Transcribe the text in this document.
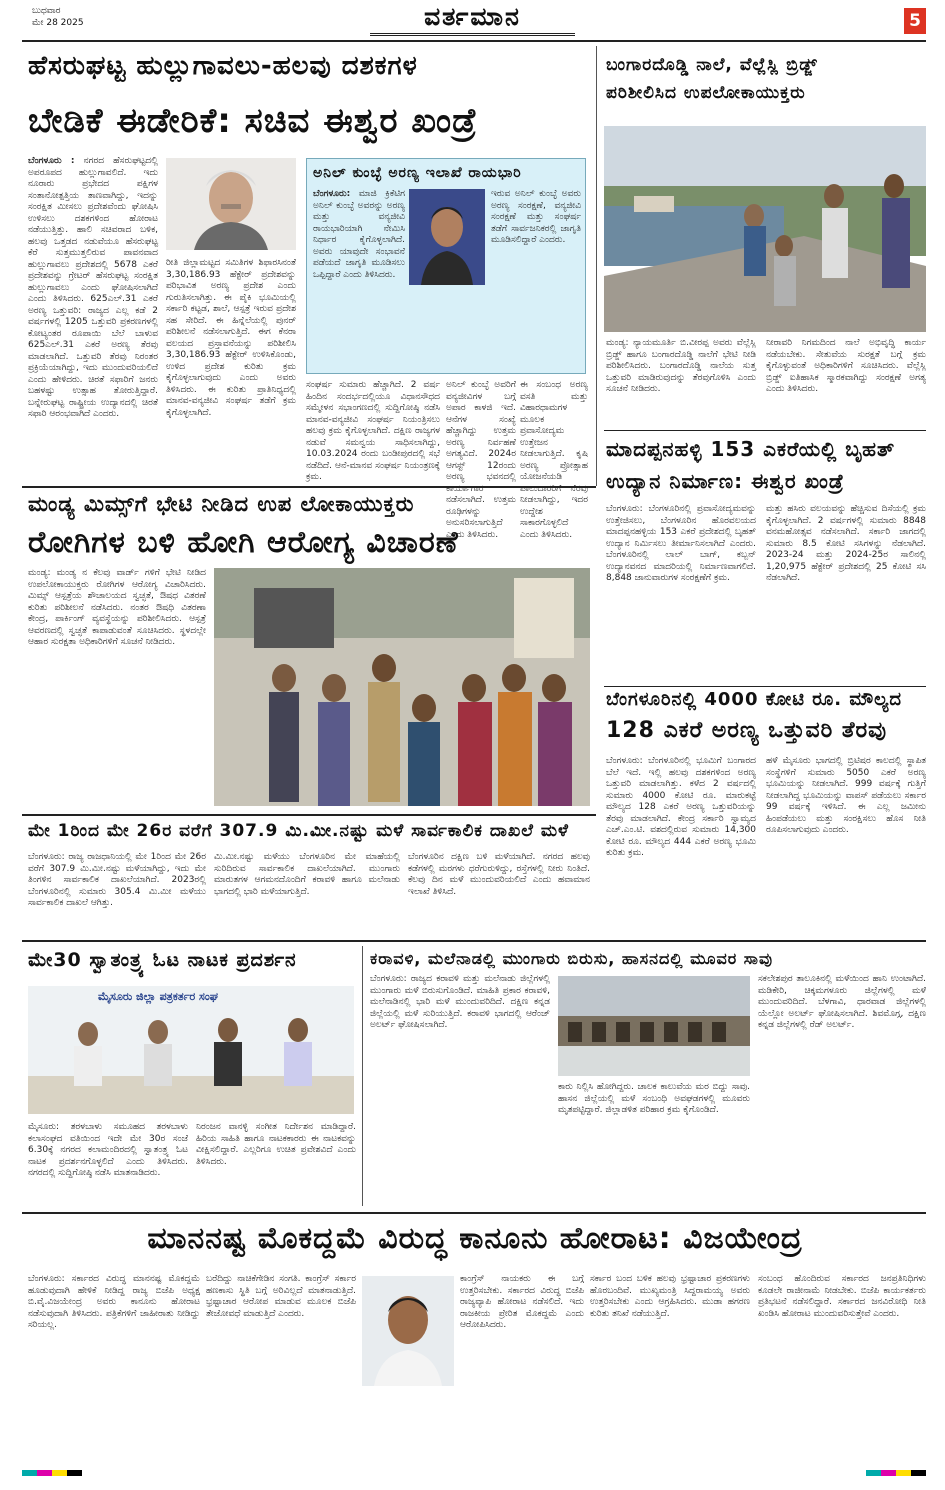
ಬುಧವಾರ
ಮೇ 28 2025	ವರ್ತಮಾನ	5
ಹೆಸರುಘಟ್ಟ ಹುಲ್ಲುಗಾವಲು-ಹಲವು ದಶಕಗಳ
ಬೇಡಿಕೆ ಈಡೇರಿಕೆ: ಸಚಿವ ಈಶ್ವರ ಖಂಡ್ರೆ
ಬೆಂಗಳೂರು : ನಗರದ ಹೆಸರುಘಟ್ಟದಲ್ಲಿ ಅಪರೂಪದ ಹುಲ್ಲುಗಾವಲಿದೆ. ಇದು ನೂರಾರು ಪ್ರಭೇದದ ಪಕ್ಷಿಗಳ ಸಂತಾನೋತ್ಪತ್ತಿಯ ತಾಣವಾಗಿದ್ದು, ಇದನ್ನು ಸಂರಕ್ಷಿತ ಮೀಸಲು ಪ್ರದೇಶವೆಂದು ಘೋಷಿಸಿ ಉಳಿಸಲು ದಶಕಗಳಿಂದ ಹೋರಾಟ ನಡೆಯುತ್ತಿತ್ತು. ಹಾಲಿ ಸಚಿವರಾದ ಬಳಿಕ, ಹಲವು ಒತ್ತಡದ ನಡುವೆಯೂ ಹೆಸರುಘಟ್ಟ ಕೆರೆ ಸುತ್ತಮುತ್ತಲಿರುವ ಪಾವನವಾದ ಹುಲ್ಲುಗಾವಲು ಪ್ರದೇಶದಲ್ಲಿ 5678 ಎಕರೆ ಪ್ರದೇಶವನ್ನು ಗ್ರೇಟರ್ ಹೆಸರುಘಟ್ಟ ಸಂರಕ್ಷಿತ ಹುಲ್ಲುಗಾವಲು ಎಂದು ಘೋಷಿಸಲಾಗಿದೆ ಎಂದು ತಿಳಿಸಿದರು. 625ಎಲ್.31 ಎಕರೆ ಅರಣ್ಯ ಒತ್ತುವರಿ: ರಾಜ್ಯದ ಎಲ್ಲ ಕಡೆ 2 ವರ್ಷಗಳಲ್ಲಿ 1205 ಒತ್ತುವರಿ ಪ್ರಕರಣಗಳಲ್ಲಿ ಕೋಟ್ಯಂತರ ರೂಪಾಯಿ ಬೆಲೆ ಬಾಳುವ 625ಎಲ್.31 ಎಕರೆ ಅರಣ್ಯ ತೆರವು ಮಾಡಲಾಗಿದೆ. ಒತ್ತುವರಿ ತೆರವು ನಿರಂತರ ಪ್ರಕ್ರಿಯೆಯಾಗಿದ್ದು, ಇದು ಮುಂದುವರಿಯಲಿದೆ ಎಂದು ಹೇಳಿದರು. ಚಿರತೆ ಸಫಾರಿಗೆ ಜನರು ಬಹಳಷ್ಟು ಉತ್ಸಾಹ ತೋರುತ್ತಿದ್ದಾರೆ. ಬನ್ನೇರುಘಟ್ಟ ರಾಷ್ಟ್ರೀಯ ಉದ್ಯಾನದಲ್ಲಿ ಚಿರತೆ ಸಫಾರಿ ಆರಂಭವಾಗಿದೆ ಎಂದರು.
ರೀತಿ ಜಿಲ್ಲಾಮಟ್ಟದ ಸಮಿತಿಗಳ ಶಿಫಾರಸಿನಂತೆ 3,30,186.93 ಹೆಕ್ಟೇರ್ ಪ್ರದೇಶವನ್ನು ಪರಿಭಾವಿತ ಅರಣ್ಯ ಪ್ರದೇಶ ಎಂದು ಗುರುತಿಸಲಾಗಿತ್ತು. ಈ ಪೈಕಿ ಭೂಮಿಯಲ್ಲಿ ಸರ್ಕಾರಿ ಕಟ್ಟಡ, ಶಾಲೆ, ಆಸ್ಪತ್ರೆ ಇರುವ ಪ್ರದೇಶ ಸಹ ಸೇರಿದೆ. ಈ ಹಿನ್ನೆಲೆಯಲ್ಲಿ ಪುನರ್ ಪರಿಶೀಲನೆ ನಡೆಸಲಾಗುತ್ತಿದೆ. ಈಗ ಕೆನರಾ ವಲಯದ ಪ್ರಸ್ತಾವನೆಯನ್ನು ಪರಿಶೀಲಿಸಿ 3,30,186.93 ಹೆಕ್ಟೇರ್ ಉಳಿಸಿಕೊಂಡು, ಉಳಿದ ಪ್ರದೇಶ ಕುರಿತು ಕ್ರಮ ಕೈಗೊಳ್ಳಲಾಗುವುದು ಎಂದು ಅವರು ತಿಳಿಸಿದರು. ಈ ಕುರಿತು ಪ್ರಾತಿನಿಧ್ಯದಲ್ಲಿ ಮಾನವ-ವನ್ಯಜೀವಿ ಸಂಘರ್ಷ ತಡೆಗೆ ಕ್ರಮ ಕೈಗೊಳ್ಳಲಾಗಿದೆ.
ಅನಿಲ್ ಕುಂಬ್ಳೆ ಅರಣ್ಯ ಇಲಾಖೆ ರಾಯಭಾರಿ
ಬೆಂಗಳೂರು: ಮಾಜಿ ಕ್ರಿಕೆಟಿಗ ಅನಿಲ್ ಕುಂಬ್ಳೆ ಅವರನ್ನು ಅರಣ್ಯ ಮತ್ತು ವನ್ಯಜೀವಿ ರಾಯಭಾರಿಯಾಗಿ ನೇಮಿಸಿ ನಿರ್ಧಾರ ಕೈಗೊಳ್ಳಲಾಗಿದೆ. ಅವರು ಯಾವುದೇ ಸಂಭಾವನೆ ಪಡೆಯದೆ ಜಾಗೃತಿ ಮೂಡಿಸಲು ಒಪ್ಪಿದ್ದಾರೆ ಎಂದು ತಿಳಿಸಿದರು.
ಇರುವ ಅನಿಲ್ ಕುಂಬ್ಳೆ ಅವರು ಅರಣ್ಯ ಸಂರಕ್ಷಣೆ, ವನ್ಯಜೀವಿ ಸಂರಕ್ಷಣೆ ಮತ್ತು ಸಂಘರ್ಷ ತಡೆಗೆ ಸಾರ್ವಜನಿಕರಲ್ಲಿ ಜಾಗೃತಿ ಮೂಡಿಸಲಿದ್ದಾರೆ ಎಂದರು.
ಸಂಘರ್ಷ ಸುಮಾರು ಹೆಚ್ಚಾಗಿದೆ. 2 ವರ್ಷ ಹಿಂದಿನ ಸಂದರ್ಭದಲ್ಲಿಯೂ ವಿಧಾನಸೌಧದ ಸಮ್ಮೇಳನ ಸಭಾಂಗಣದಲ್ಲಿ ಸುದ್ದಿಗೋಷ್ಠಿ ನಡೆಸಿ ಮಾನವ-ವನ್ಯಜೀವಿ ಸಂಘರ್ಷ ನಿಯಂತ್ರಿಸಲು ಹಲವು ಕ್ರಮ ಕೈಗೊಳ್ಳಲಾಗಿದೆ. ದಕ್ಷಿಣ ರಾಜ್ಯಗಳ ನಡುವೆ ಸಮನ್ವಯ ಸಾಧಿಸಲಾಗಿದ್ದು, 10.03.2024 ರಂದು ಬಂಡೀಪುರದಲ್ಲಿ ಸಭೆ ನಡೆದಿದೆ. ಆನೆ-ಮಾನವ ಸಂಘರ್ಷ ನಿಯಂತ್ರಣಕ್ಕೆ ಕ್ರಮ.
ಅನಿಲ್ ಕುಂಬ್ಳೆ ಅವರಿಗೆ ವನ್ಯಜೀವಿಗಳ ಬಗ್ಗೆ ಅಪಾರ ಕಾಳಜಿ ಇದೆ. ಆನೆಗಳ ಸಂಖ್ಯೆ ಹೆಚ್ಚಾಗಿದ್ದು ಉತ್ತಮ ಅರಣ್ಯ ನಿರ್ವಹಣೆ ಅಗತ್ಯವಿದೆ. 2024ರ ಆಗಸ್ಟ್ 12ರಂದು ಅರಣ್ಯ ಭವನದಲ್ಲಿ ಕಾರ್ಯಾಗಾರ ನಡೆಸಲಾಗಿದೆ. ಉತ್ತಮ ರೂಢಿಗಳನ್ನು ಅನುಸರಿಸಲಾಗುತ್ತಿದೆ ಎಂದು ತಿಳಿಸಿದರು.
ಈ ಸಂಬಂಧ ಅರಣ್ಯ ವಸತಿ ಮತ್ತು ವಿಹಾರಧಾಮಗಳ ಮೂಲಕ ಪ್ರವಾಸೋದ್ಯಮ ಉತ್ತೇಜನ ನೀಡಲಾಗುತ್ತಿದೆ. ಕೃಷಿ ಅರಣ್ಯ ಪ್ರೋತ್ಸಾಹ ಯೋಜನೆಯಡಿ ಪಾಲುದಾರರಿಗೆ ನೆರವು ನೀಡಲಾಗಿದ್ದು, ಇದರ ಉದ್ದೇಶ ಸಾಕಾರಗೊಳ್ಳಲಿದೆ ಎಂದು ತಿಳಿಸಿದರು.
ಬಂಗಾರದೊಡ್ಡಿ ನಾಲೆ, ವೆಲ್ಲೆಸ್ಲಿ ಬ್ರಿಡ್ಜ್
ಪರಿಶೀಲಿಸಿದ ಉಪಲೋಕಾಯುಕ್ತರು
ಮಂಡ್ಯ: ನ್ಯಾಯಮೂರ್ತಿ ಬಿ.ವೀರಪ್ಪ ಅವರು ವೆಲ್ಲೆಸ್ಲಿ ಬ್ರಿಡ್ಜ್ ಹಾಗೂ ಬಂಗಾರದೊಡ್ಡಿ ನಾಲೆಗೆ ಭೇಟಿ ನೀಡಿ ಪರಿಶೀಲಿಸಿದರು. ಬಂಗಾರದೊಡ್ಡಿ ನಾಲೆಯ ಸುತ್ತ ಒತ್ತುವರಿ ಮಾಡಿರುವುದನ್ನು ತೆರವುಗೊಳಿಸಿ ಎಂದು ಸೂಚನೆ ನೀಡಿದರು.
ನೀರಾವರಿ ನಿಗಮದಿಂದ ನಾಲೆ ಅಭಿವೃದ್ಧಿ ಕಾರ್ಯ ನಡೆಯಬೇಕು. ಸೇತುವೆಯ ಸುರಕ್ಷತೆ ಬಗ್ಗೆ ಕ್ರಮ ಕೈಗೊಳ್ಳುವಂತೆ ಅಧಿಕಾರಿಗಳಿಗೆ ಸೂಚಿಸಿದರು. ವೆಲ್ಲೆಸ್ಲಿ ಬ್ರಿಡ್ಜ್ ಐತಿಹಾಸಿಕ ಸ್ಮಾರಕವಾಗಿದ್ದು ಸಂರಕ್ಷಣೆ ಅಗತ್ಯ ಎಂದು ತಿಳಿಸಿದರು.
ಮಾದಪ್ಪನಹಳ್ಳಿ 153 ಎಕರೆಯಲ್ಲಿ ಬೃಹತ್
ಉದ್ಯಾನ ನಿರ್ಮಾಣ: ಈಶ್ವರ ಖಂಡ್ರೆ
ಬೆಂಗಳೂರು: ಬೆಂಗಳೂರಿನಲ್ಲಿ ಪ್ರವಾಸೋದ್ಯಮವನ್ನು ಉತ್ತೇಜಿಸಲು, ಬೆಂಗಳೂರಿನ ಹೊರವಲಯದ ಮಾದಪ್ಪನಹಳ್ಳಿಯ 153 ಎಕರೆ ಪ್ರದೇಶದಲ್ಲಿ ಬೃಹತ್ ಉದ್ಯಾನ ನಿರ್ಮಿಸಲು ತೀರ್ಮಾನಿಸಲಾಗಿದೆ ಎಂದರು. ಬೆಂಗಳೂರಿನಲ್ಲಿ ಲಾಲ್ ಬಾಗ್, ಕಬ್ಬನ್ ಉದ್ಯಾನವನದ ಮಾದರಿಯಲ್ಲಿ ನಿರ್ಮಾಣವಾಗಲಿದೆ. 8,848 ಜಾನುವಾರುಗಳ ಸಂರಕ್ಷಣೆಗೆ ಕ್ರಮ.
ಮತ್ತು ಹಸಿರು ವಲಯವನ್ನು ಹೆಚ್ಚಿಸುವ ದಿಸೆಯಲ್ಲಿ ಕ್ರಮ ಕೈಗೊಳ್ಳಲಾಗಿದೆ. 2 ವರ್ಷಗಳಲ್ಲಿ ಸುಮಾರು 8848 ವನಮಹೋತ್ಸವ ನಡೆಸಲಾಗಿದೆ. ಸರ್ಕಾರಿ ಜಾಗದಲ್ಲಿ ಸುಮಾರು 8.5 ಕೋಟಿ ಸಸಿಗಳನ್ನು ನೆಡಲಾಗಿದೆ. 2023-24 ಮತ್ತು 2024-25ರ ಸಾಲಿನಲ್ಲಿ 1,20,975 ಹೆಕ್ಟೇರ್ ಪ್ರದೇಶದಲ್ಲಿ 25 ಕೋಟಿ ಸಸಿ ನೆಡಲಾಗಿದೆ.
ಬೆಂಗಳೂರಿನಲ್ಲಿ 4000 ಕೋಟಿ ರೂ. ಮೌಲ್ಯದ
128 ಎಕರೆ ಅರಣ್ಯ ಒತ್ತುವರಿ ತೆರವು
ಬೆಂಗಳೂರು: ಬೆಂಗಳೂರಿನಲ್ಲಿ ಭೂಮಿಗೆ ಬಂಗಾರದ ಬೆಲೆ ಇದೆ. ಇಲ್ಲಿ ಹಲವು ದಶಕಗಳಿಂದ ಅರಣ್ಯ ಒತ್ತುವರಿ ಮಾಡಲಾಗಿತ್ತು. ಕಳೆದ 2 ವರ್ಷದಲ್ಲಿ ಸುಮಾರು 4000 ಕೋಟಿ ರೂ. ಮಾರುಕಟ್ಟೆ ಮೌಲ್ಯದ 128 ಎಕರೆ ಅರಣ್ಯ ಒತ್ತುವರಿಯನ್ನು ತೆರವು ಮಾಡಲಾಗಿದೆ. ಕೇಂದ್ರ ಸರ್ಕಾರಿ ಸ್ವಾಮ್ಯದ ಎಚ್.ಎಂ.ಟಿ. ವಶದಲ್ಲಿರುವ ಸುಮಾರು 14,300 ಕೋಟಿ ರೂ. ಮೌಲ್ಯದ 444 ಎಕರೆ ಅರಣ್ಯ ಭೂಮಿ ಕುರಿತು ಕ್ರಮ.
ಹಳೆ ಮೈಸೂರು ಭಾಗದಲ್ಲಿ ಬ್ರಿಟಿಷರ ಕಾಲದಲ್ಲಿ ಸ್ಥಾಪಿತ ಸಂಸ್ಥೆಗಳಿಗೆ ಸುಮಾರು 5050 ಎಕರೆ ಅರಣ್ಯ ಭೂಮಿಯನ್ನು ನೀಡಲಾಗಿದೆ. 999 ವರ್ಷಕ್ಕೆ ಗುತ್ತಿಗೆ ನೀಡಲಾಗಿದ್ದ ಭೂಮಿಯನ್ನು ವಾಪಸ್ ಪಡೆಯಲು ಸರ್ಕಾರ 99 ವರ್ಷಕ್ಕೆ ಇಳಿಸಿದೆ. ಈ ಎಲ್ಲ ಜಮೀನು ಹಿಂಪಡೆಯಲು ಮತ್ತು ಸಂರಕ್ಷಿಸಲು ಹೊಸ ನೀತಿ ರೂಪಿಸಲಾಗುವುದು ಎಂದರು.
ಮಂಡ್ಯ ಮಿಮ್ಸ್‌ಗೆ ಭೇಟಿ ನೀಡಿದ ಉಪ ಲೋಕಾಯುಕ್ತರು
ರೋಗಿಗಳ ಬಳಿ ಹೋಗಿ ಆರೋಗ್ಯ ವಿಚಾರಣೆ
ಮಂಡ್ಯ: ಮಂಡ್ಯ ನ ಕೆಲವು ವಾರ್ಡ್ ಗಳಿಗೆ ಭೇಟಿ ನೀಡಿದ ಉಪಲೋಕಾಯುಕ್ತರು ರೋಗಿಗಳ ಆರೋಗ್ಯ ವಿಚಾರಿಸಿದರು. ಮಿಮ್ಸ್ ಆಸ್ಪತ್ರೆಯ ಶೌಚಾಲಯದ ಸ್ವಚ್ಛತೆ, ಔಷಧ ವಿತರಣೆ ಕುರಿತು ಪರಿಶೀಲನೆ ನಡೆಸಿದರು. ನಂತರ ಔಷಧಿ ವಿತರಣಾ ಕೇಂದ್ರ, ಪಾರ್ಕಿಂಗ್ ವ್ಯವಸ್ಥೆಯನ್ನು ಪರಿಶೀಲಿಸಿದರು. ಆಸ್ಪತ್ರೆ ಆವರಣದಲ್ಲಿ ಸ್ವಚ್ಛತೆ ಕಾಪಾಡುವಂತೆ ಸೂಚಿಸಿದರು. ಸ್ಥಳದಲ್ಲೇ ಆಹಾರ ಸುರಕ್ಷತಾ ಅಧಿಕಾರಿಗಳಿಗೆ ಸೂಚನೆ ನೀಡಿದರು.
ಮೇ 1ರಿಂದ ಮೇ 26ರ ವರೆಗೆ 307.9 ಮಿ.ಮೀ.ನಷ್ಟು ಮಳೆ ಸಾರ್ವಕಾಲಿಕ ದಾಖಲೆ ಮಳೆ
ಬೆಂಗಳೂರು: ರಾಜ್ಯ ರಾಜಧಾನಿಯಲ್ಲಿ ಮೇ 1ರಿಂದ ಮೇ 26ರ ವರೆಗೆ 307.9 ಮಿ.ಮೀ.ನಷ್ಟು ಮಳೆಯಾಗಿದ್ದು, ಇದು ಮೇ ತಿಂಗಳಿನ ಸಾರ್ವಕಾಲಿಕ ದಾಖಲೆಯಾಗಿದೆ. 2023ರಲ್ಲಿ ಬೆಂಗಳೂರಿನಲ್ಲಿ ಸುಮಾರು 305.4 ಮಿ.ಮೀ ಮಳೆಯು ಸಾರ್ವಕಾಲಿಕ ದಾಖಲೆ ಆಗಿತ್ತು.
ಮಿ.ಮೀ.ನಷ್ಟು ಮಳೆಯು ಬೆಂಗಳೂರಿನ ಮೇ ಮಾಹೆಯಲ್ಲಿ ಸುರಿದಿರುವ ಸಾರ್ವಕಾಲಿಕ ದಾಖಲೆಯಾಗಿದೆ. ಮುಂಗಾರು ಮಾರುತಗಳ ಆಗಮನದೊಂದಿಗೆ ಕರಾವಳಿ ಹಾಗೂ ಮಲೆನಾಡು ಭಾಗದಲ್ಲಿ ಭಾರಿ ಮಳೆಯಾಗುತ್ತಿದೆ.
ಬೆಂಗಳೂರಿನ ದಕ್ಷಿಣ ಬಳಿ ಮಳೆಯಾಗಿದೆ. ನಗರದ ಹಲವು ಕಡೆಗಳಲ್ಲಿ ಮರಗಳು ಧರೆಗುರುಳಿದ್ದು, ರಸ್ತೆಗಳಲ್ಲಿ ನೀರು ನಿಂತಿದೆ. ಕೆಲವು ದಿನ ಮಳೆ ಮುಂದುವರಿಯಲಿದೆ ಎಂದು ಹವಾಮಾನ ಇಲಾಖೆ ತಿಳಿಸಿದೆ.
ಮೇ30 ಸ್ವಾತಂತ್ರ್ಯ ಓಟ ನಾಟಕ ಪ್ರದರ್ಶನ
ಮೈಸೂರು ಜಿಲ್ಲಾ ಪತ್ರಕರ್ತರ ಸಂಘ
ಮೈಸೂರು: ತರಳಬಾಳು ಸಮೂಹದ ತರಳಬಾಳು ಕಲಾಸಂಘದ ವತಿಯಿಂದ ಇದೇ ಮೇ 30ರ ಸಂಜೆ 6.30ಕ್ಕೆ ನಗರದ ಕಲಾಮಂದಿರದಲ್ಲಿ ಸ್ವಾತಂತ್ರ್ಯ ಓಟ ನಾಟಕ ಪ್ರದರ್ಶನಗೊಳ್ಳಲಿದೆ ಎಂದು ತಿಳಿಸಿದರು. ನಗರದಲ್ಲಿ ಸುದ್ದಿಗೋಷ್ಠಿ ನಡೆಸಿ ಮಾತನಾಡಿದರು.
ನಿರಂಜನ ವಾನಳ್ಳಿ ಸಂಗೀತ ನಿರ್ದೇಶನ ಮಾಡಿದ್ದಾರೆ. ಹಿರಿಯ ಸಾಹಿತಿ ಹಾಗೂ ನಾಟಕಕಾರರು ಈ ನಾಟಕವನ್ನು ವೀಕ್ಷಿಸಲಿದ್ದಾರೆ. ಎಲ್ಲರಿಗೂ ಉಚಿತ ಪ್ರವೇಶವಿದೆ ಎಂದು ತಿಳಿಸಿದರು.
ಕರಾವಳಿ, ಮಲೆನಾಡಲ್ಲಿ ಮುಂಗಾರು ಬಿರುಸು, ಹಾಸನದಲ್ಲಿ ಮೂವರ ಸಾವು
ಬೆಂಗಳೂರು: ರಾಜ್ಯದ ಕರಾವಳಿ ಮತ್ತು ಮಲೆನಾಡು ಜಿಲ್ಲೆಗಳಲ್ಲಿ ಮುಂಗಾರು ಮಳೆ ಬಿರುಸುಗೊಂಡಿದೆ. ಮಾಹಿತಿ ಪ್ರಕಾರ ಕರಾವಳಿ, ಮಲೆನಾಡಿನಲ್ಲಿ ಭಾರಿ ಮಳೆ ಮುಂದುವರಿದಿದೆ. ದಕ್ಷಿಣ ಕನ್ನಡ ಜಿಲ್ಲೆಯಲ್ಲಿ ಮಳೆ ಸುರಿಯುತ್ತಿದೆ. ಕರಾವಳಿ ಭಾಗದಲ್ಲಿ ಆರೆಂಜ್ ಅಲರ್ಟ್ ಘೋಷಿಸಲಾಗಿದೆ.
ಕಾರು ನಿಲ್ಲಿಸಿ ಹೋಗಿದ್ದರು. ಚಾಲಕ ಕಾಲುವೆಯ ಮರ ಬಿದ್ದು ಸಾವು. ಹಾಸನ ಜಿಲ್ಲೆಯಲ್ಲಿ ಮಳೆ ಸಂಬಂಧಿ ಅವಘಡಗಳಲ್ಲಿ ಮೂವರು ಮೃತಪಟ್ಟಿದ್ದಾರೆ. ಜಿಲ್ಲಾಡಳಿತ ಪರಿಹಾರ ಕ್ರಮ ಕೈಗೊಂಡಿದೆ.
ಸಕಲೇಶಪುರ ತಾಲೂಕಿನಲ್ಲಿ ಮಳೆಯಿಂದ ಹಾನಿ ಉಂಟಾಗಿದೆ. ಮಡಿಕೇರಿ, ಚಿಕ್ಕಮಗಳೂರು ಜಿಲ್ಲೆಗಳಲ್ಲಿ ಮಳೆ ಮುಂದುವರಿದಿದೆ. ಬೆಳಗಾವಿ, ಧಾರವಾಡ ಜಿಲ್ಲೆಗಳಲ್ಲಿ ಯೆಲ್ಲೋ ಅಲರ್ಟ್ ಘೋಷಿಸಲಾಗಿದೆ. ಶಿವಮೊಗ್ಗ, ದಕ್ಷಿಣ ಕನ್ನಡ ಜಿಲ್ಲೆಗಳಲ್ಲಿ ರೆಡ್ ಅಲರ್ಟ್.
ಮಾನನಷ್ಟ ಮೊಕದ್ದಮೆ ವಿರುದ್ಧ ಕಾನೂನು ಹೋರಾಟ: ವಿಜಯೇಂದ್ರ
ಬೆಂಗಳೂರು: ಸರ್ಕಾರದ ವಿರುದ್ಧ ಮಾನನಷ್ಟ ಮೊಕದ್ದಮೆ ಹೂಡುವುದಾಗಿ ಹೇಳಿಕೆ ನೀಡಿದ್ದ ರಾಜ್ಯ ಬಿಜೆಪಿ ಅಧ್ಯಕ್ಷ ಬಿ.ವೈ.ವಿಜಯೇಂದ್ರ ಅವರು ಕಾನೂನು ಹೋರಾಟ ನಡೆಸುವುದಾಗಿ ತಿಳಿಸಿದರು. ಪತ್ರಿಕೆಗಳಿಗೆ ಜಾಹೀರಾತು ನೀಡಿದ್ದು ಸರಿಯಲ್ಲ.
ಬರೆದಿದ್ದು ನಾಚಿಕೆಗೇಡಿನ ಸಂಗತಿ. ಕಾಂಗ್ರೆಸ್ ಸರ್ಕಾರ ಹಣಕಾಸು ಸ್ಥಿತಿ ಬಗ್ಗೆ ಅರಿವಿಲ್ಲದೆ ಮಾತನಾಡುತ್ತಿದೆ. ಭ್ರಷ್ಟಾಚಾರ ಆರೋಪ ಮಾಡುವ ಮೂಲಕ ಬಿಜೆಪಿ ತೇಜೋವಧೆ ಮಾಡುತ್ತಿದೆ ಎಂದರು.
ಕಾಂಗ್ರೆಸ್ ನಾಯಕರು ಈ ಬಗ್ಗೆ ಉತ್ತರಿಸಬೇಕು. ಸರ್ಕಾರದ ವಿರುದ್ಧ ಬಿಜೆಪಿ ರಾಜ್ಯವ್ಯಾಪಿ ಹೋರಾಟ ನಡೆಸಲಿದೆ. ಇದು ರಾಜಕೀಯ ಪ್ರೇರಿತ ಮೊಕದ್ದಮೆ ಎಂದು ಆರೋಪಿಸಿದರು.
ಸರ್ಕಾರ ಬಂದ ಬಳಿಕ ಹಲವು ಭ್ರಷ್ಟಾಚಾರ ಪ್ರಕರಣಗಳು ಹೊರಬಂದಿವೆ. ಮುಖ್ಯಮಂತ್ರಿ ಸಿದ್ದರಾಮಯ್ಯ ಅವರು ಉತ್ತರಿಸಬೇಕು ಎಂದು ಆಗ್ರಹಿಸಿದರು. ಮುಡಾ ಹಗರಣ ಕುರಿತು ತನಿಖೆ ನಡೆಯುತ್ತಿದೆ.
ಸಂಬಂಧ ಹೊಂದಿರುವ ಸರ್ಕಾರದ ಜನಪ್ರತಿನಿಧಿಗಳು ಕೂಡಲೇ ರಾಜೀನಾಮೆ ನೀಡಬೇಕು. ಬಿಜೆಪಿ ಕಾರ್ಯಕರ್ತರು ಪ್ರತಿಭಟನೆ ನಡೆಸಲಿದ್ದಾರೆ. ಸರ್ಕಾರದ ಜನವಿರೋಧಿ ನೀತಿ ಖಂಡಿಸಿ ಹೋರಾಟ ಮುಂದುವರಿಸುತ್ತೇವೆ ಎಂದರು.
